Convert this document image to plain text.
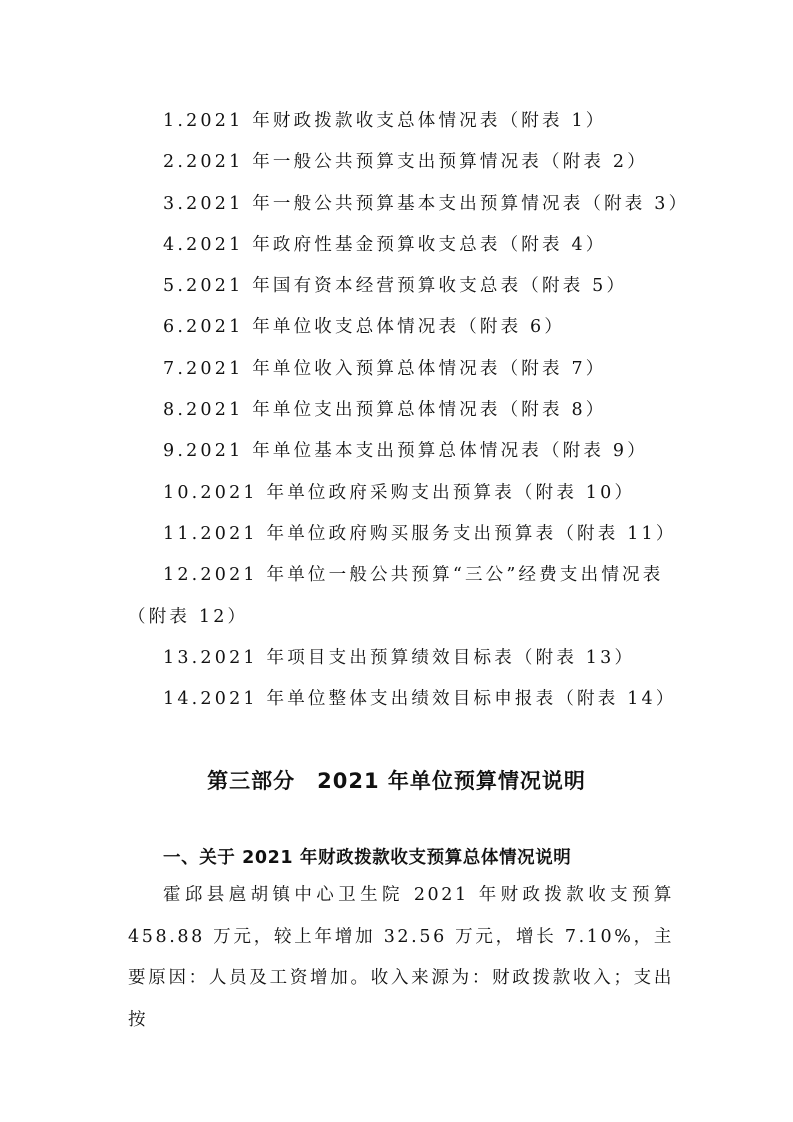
1.2021 年财政拨款收支总体情况表（附表 1）
2.2021 年一般公共预算支出预算情况表（附表 2）
3.2021 年一般公共预算基本支出预算情况表（附表 3）
4.2021 年政府性基金预算收支总表（附表 4）
5.2021 年国有资本经营预算收支总表（附表 5）
6.2021 年单位收支总体情况表（附表 6）
7.2021 年单位收入预算总体情况表（附表 7）
8.2021 年单位支出预算总体情况表（附表 8）
9.2021 年单位基本支出预算总体情况表（附表 9）
10.2021 年单位政府采购支出预算表（附表 10）
11.2021 年单位政府购买服务支出预算表（附表 11）
12.2021 年单位一般公共预算“三公”经费支出情况表（附表 12）
13.2021 年项目支出预算绩效目标表（附表 13）
14.2021 年单位整体支出绩效目标申报表（附表 14）
第三部分　2021 年单位预算情况说明
一、关于 2021 年财政拨款收支预算总体情况说明

霍邱县扈胡镇中心卫生院 2021 年财政拨款收支预算 458.88 万元，较上年增加 32.56 万元，增长 7.10%，主要原因：人员及工资增加。收入来源为：财政拨款收入；支出按
